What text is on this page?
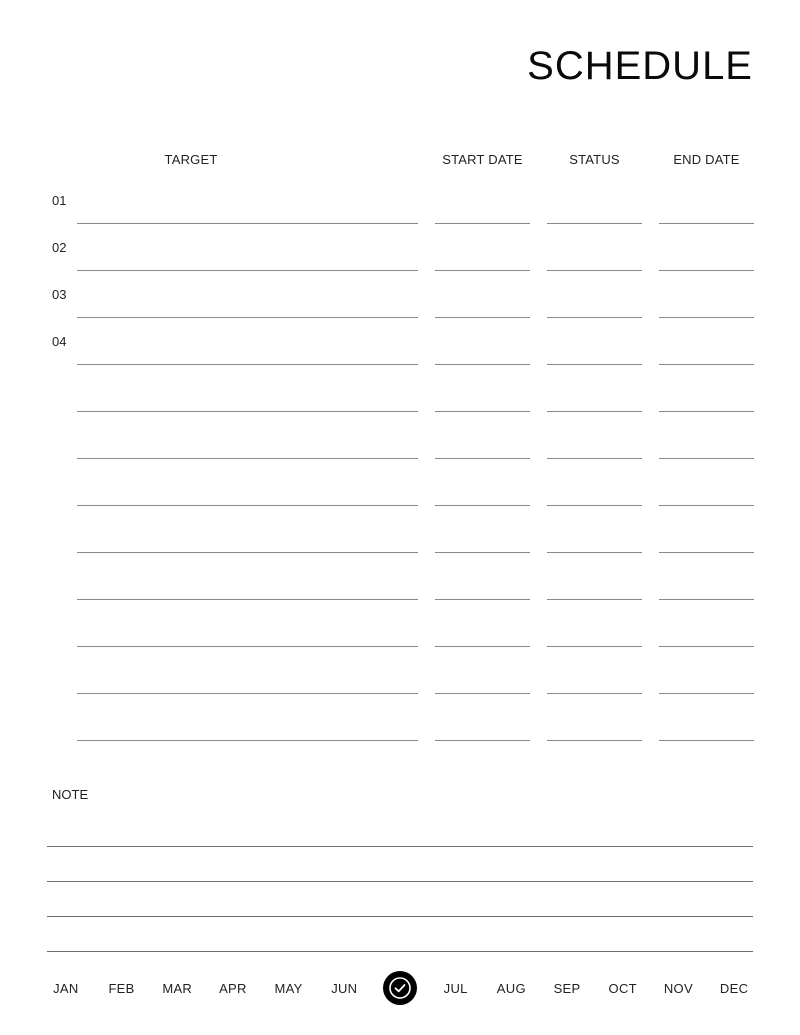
SCHEDULE
TARGET	START DATE	STATUS	END DATE
01
02
03
04
NOTE
JAN	FEB	MAR	APR	MAY	JUN	JUL	AUG	SEP	OCT	NOV	DEC
